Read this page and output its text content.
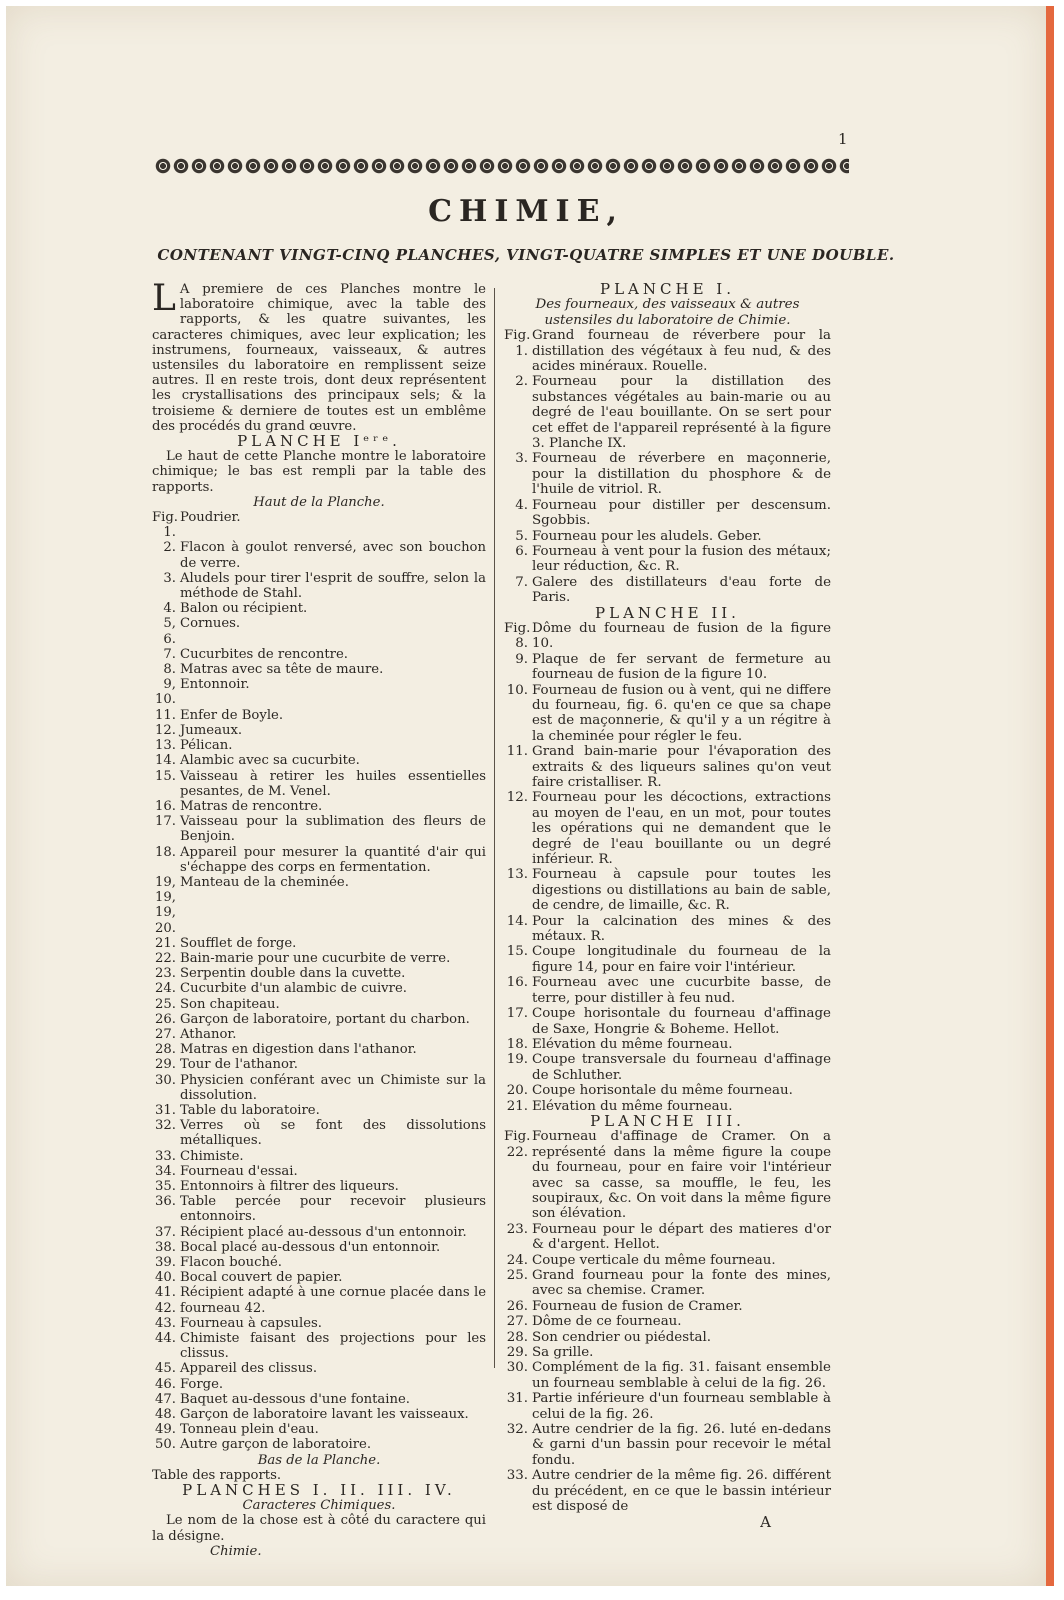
1
CHIMIE,
CONTENANT VINGT-CINQ PLANCHES, VINGT-QUATRE SIMPLES ET UNE DOUBLE.

L A premiere de ces Planches montre le laboratoire chimique, avec la table des rapports, & les quatre suivantes, les caracteres chimiques, avec leur explication; les instrumens, fourneaux, vaisseaux, & autres ustensiles du laboratoire en remplissent seize autres. Il en reste trois, dont deux représentent les crystallisations des principaux sels; & la troisieme & derniere de toutes est un emblême des procédés du grand œuvre.

PLANCHE Iᵉʳᵉ.

Le haut de cette Planche montre le laboratoire chimique; le bas est rempli par la table des rapports.

Haut de la Planche.

Fig. 1.
Poudrier.
2. Flacon à goulot renversé, avec son bouchon de verre.
3. Aludels pour tirer l'esprit de souffre, selon la méthode de Stahl.
4. Balon ou récipient.
5, 6.
Cornues.
7. Cucurbites de rencontre.
8. Matras avec sa tête de maure.
9, 10.
Entonnoir.
11. Enfer de Boyle.
12. Jumeaux.
13. Pélican.
14. Alambic avec sa cucurbite.
15. Vaisseau à retirer les huiles essentielles pesantes, de M. Venel.
16. Matras de rencontre.
17. Vaisseau pour la sublimation des fleurs de Benjoin.
18. Appareil pour mesurer la quantité d'air qui s'échappe des corps en fermentation.
19, 19, 19, 20.
Manteau de la cheminée.
21. Soufflet de forge.
22. Bain-marie pour une cucurbite de verre.
23. Serpentin double dans la cuvette.
24. Cucurbite d'un alambic de cuivre.
25. Son chapiteau.
26. Garçon de laboratoire, portant du charbon.
27. Athanor.
28. Matras en digestion dans l'athanor.
29. Tour de l'athanor.
30. Physicien conférant avec un Chimiste sur la dissolution.
31. Table du laboratoire.
32. Verres où se font des dissolutions métalliques.
33. Chimiste.
34. Fourneau d'essai.
35. Entonnoirs à filtrer des liqueurs.
36. Table percée pour recevoir plusieurs entonnoirs.
37. Récipient placé au-dessous d'un entonnoir.
38. Bocal placé au-dessous d'un entonnoir.
39. Flacon bouché.
40. Bocal couvert de papier.
41. 42.
Récipient adapté à une cornue placée dans le fourneau 42.
43. Fourneau à capsules.
44. Chimiste faisant des projections pour les clissus.
45. Appareil des clissus.
46. Forge.
47. Baquet au-dessous d'une fontaine.
48. Garçon de laboratoire lavant les vaisseaux.
49. Tonneau plein d'eau.
50. Autre garçon de laboratoire.

Bas de la Planche.

Table des rapports.

PLANCHES I. II. III. IV.

Caracteres Chimiques.

Le nom de la chose est à côté du caractere qui la désigne.

Chimie.

PLANCHE I.

Des fourneaux, des vaisseaux & autres ustensiles du laboratoire de Chimie.

Fig. 1.
Grand fourneau de réverbere pour la distillation des végétaux à feu nud, & des acides minéraux. Rouelle.
2. Fourneau pour la distillation des substances végétales au bain-marie ou au degré de l'eau bouillante. On se sert pour cet effet de l'appareil représenté à la figure 3. Planche IX.
3. Fourneau de réverbere en maçonnerie, pour la distillation du phosphore & de l'huile de vitriol. R.
4. Fourneau pour distiller per descensum. Sgobbis.
5. Fourneau pour les aludels. Geber.
6. Fourneau à vent pour la fusion des métaux; leur réduction, &c. R.
7. Galere des distillateurs d'eau forte de Paris.

PLANCHE II.

Fig. 8.
Dôme du fourneau de fusion de la figure 10.
9. Plaque de fer servant de fermeture au fourneau de fusion de la figure 10.
10. Fourneau de fusion ou à vent, qui ne differe du fourneau, fig. 6. qu'en ce que sa chape est de maçonnerie, & qu'il y a un régitre à la cheminée pour régler le feu.
11. Grand bain-marie pour l'évaporation des extraits & des liqueurs salines qu'on veut faire cristalliser. R.
12. Fourneau pour les décoctions, extractions au moyen de l'eau, en un mot, pour toutes les opérations qui ne demandent que le degré de l'eau bouillante ou un degré inférieur. R.
13. Fourneau à capsule pour toutes les digestions ou distillations au bain de sable, de cendre, de limaille, &c. R.
14. Pour la calcination des mines & des métaux. R.
15. Coupe longitudinale du fourneau de la figure 14, pour en faire voir l'intérieur.
16. Fourneau avec une cucurbite basse, de terre, pour distiller à feu nud.
17. Coupe horisontale du fourneau d'affinage de Saxe, Hongrie & Boheme. Hellot.
18. Elévation du même fourneau.
19. Coupe transversale du fourneau d'affinage de Schluther.
20. Coupe horisontale du même fourneau.
21. Elévation du même fourneau.

PLANCHE III.

Fig. 22.
Fourneau d'affinage de Cramer. On a représenté dans la même figure la coupe du fourneau, pour en faire voir l'intérieur avec sa casse, sa mouffle, le feu, les soupiraux, &c. On voit dans la même figure son élévation.
23. Fourneau pour le départ des matieres d'or & d'argent. Hellot.
24. Coupe verticale du même fourneau.
25. Grand fourneau pour la fonte des mines, avec sa chemise. Cramer.
26. Fourneau de fusion de Cramer.
27. Dôme de ce fourneau.
28. Son cendrier ou piédestal.
29. Sa grille.
30. Complément de la fig. 31. faisant ensemble un fourneau semblable à celui de la fig. 26.
31. Partie inférieure d'un fourneau semblable à celui de la fig. 26.
32. Autre cendrier de la fig. 26. luté en-dedans & garni d'un bassin pour recevoir le métal fondu.
33. Autre cendrier de la même fig. 26. différent du précédent, en ce que le bassin intérieur est disposé de

A
